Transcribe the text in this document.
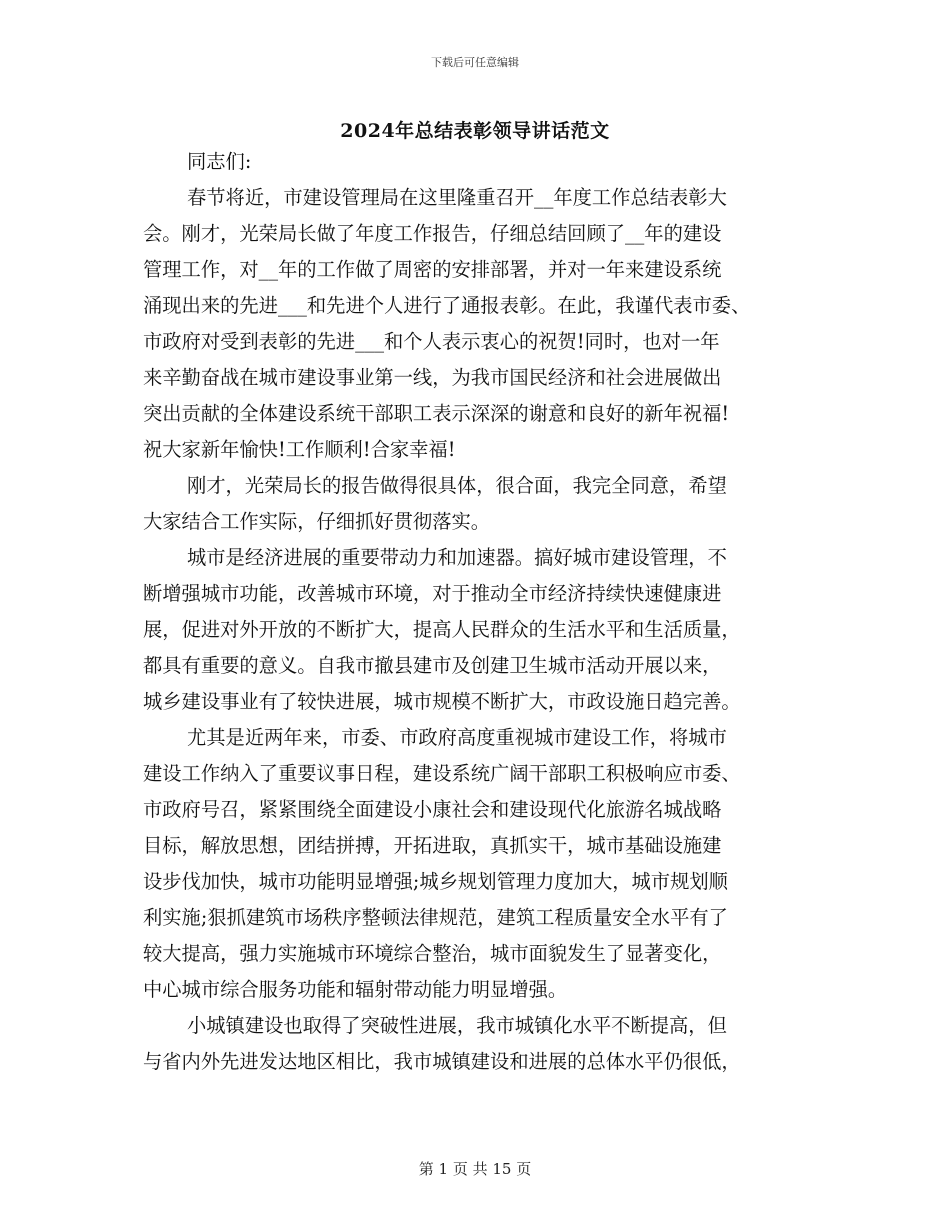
下载后可任意编辑
2024年总结表彰领导讲话范文
同志们:
春节将近，市建设管理局在这里隆重召开__年度工作总结表彰大
会。刚才，光荣局长做了年度工作报告，仔细总结回顾了__年的建设
管理工作，对__年的工作做了周密的安排部署，并对一年来建设系统
涌现出来的先进___和先进个人进行了通报表彰。在此，我谨代表市委、
市政府对受到表彰的先进___和个人表示衷心的祝贺!同时，也对一年
来辛勤奋战在城市建设事业第一线，为我市国民经济和社会进展做出
突出贡献的全体建设系统干部职工表示深深的谢意和良好的新年祝福!
祝大家新年愉快!工作顺利!合家幸福!
刚才，光荣局长的报告做得很具体，很合面，我完全同意，希望
大家结合工作实际，仔细抓好贯彻落实。
城市是经济进展的重要带动力和加速器。搞好城市建设管理，不
断增强城市功能，改善城市环境，对于推动全市经济持续快速健康进
展，促进对外开放的不断扩大，提高人民群众的生活水平和生活质量，
都具有重要的意义。自我市撤县建市及创建卫生城市活动开展以来，
城乡建设事业有了较快进展，城市规模不断扩大，市政设施日趋完善。
尤其是近两年来，市委、市政府高度重视城市建设工作，将城市
建设工作纳入了重要议事日程，建设系统广阔干部职工积极响应市委、
市政府号召，紧紧围绕全面建设小康社会和建设现代化旅游名城战略
目标，解放思想，团结拼搏，开拓进取，真抓实干，城市基础设施建
设步伐加快，城市功能明显增强;城乡规划管理力度加大，城市规划顺
利实施;狠抓建筑市场秩序整顿法律规范，建筑工程质量安全水平有了
较大提高，强力实施城市环境综合整治，城市面貌发生了显著变化，
中心城市综合服务功能和辐射带动能力明显增强。
小城镇建设也取得了突破性进展，我市城镇化水平不断提高，但
与省内外先进发达地区相比，我市城镇建设和进展的总体水平仍很低，
第 1 页 共 15 页
